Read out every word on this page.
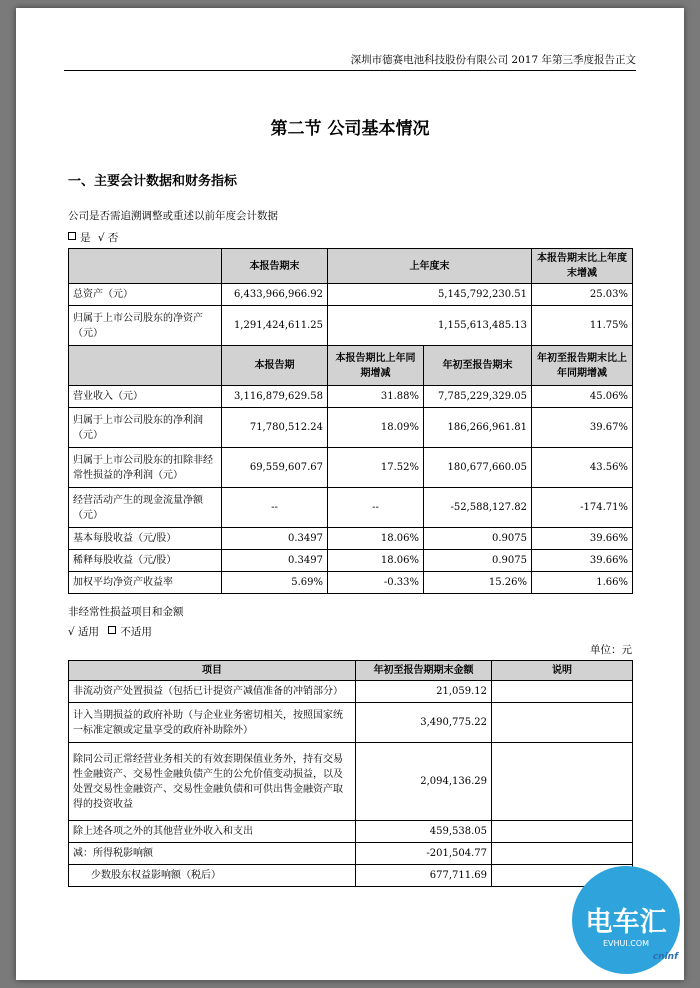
深圳市德赛电池科技股份有限公司 2017 年第三季度报告正文
第二节 公司基本情况
一、主要会计数据和财务指标
公司是否需追溯调整或重述以前年度会计数据
是 √ 否
	本报告期末	上年度末		本报告期末比上年度末增减
总资产（元）	6,433,966,966.92	5,145,792,230.51		25.03%
归属于上市公司股东的净资产（元）	1,291,424,611.25	1,155,613,485.13		11.75%
	本报告期	本报告期比上年同期增减	年初至报告期末	年初至报告期末比上年同期增减
营业收入（元）	3,116,879,629.58	31.88%	7,785,229,329.05	45.06%
归属于上市公司股东的净利润（元）	71,780,512.24	18.09%	186,266,961.81	39.67%
归属于上市公司股东的扣除非经常性损益的净利润（元）	69,559,607.67	17.52%	180,677,660.05	43.56%
经营活动产生的现金流量净额（元）	--	--	-52,588,127.82	-174.71%
基本每股收益（元/股）	0.3497	18.06%	0.9075	39.66%
稀释每股收益（元/股）	0.3497	18.06%	0.9075	39.66%
加权平均净资产收益率	5.69%	-0.33%	15.26%	1.66%
非经常性损益项目和金额
√ 适用 不适用
单位：元
项目	年初至报告期期末金额	说明
非流动资产处置损益（包括已计提资产减值准备的冲销部分）	21,059.12	
计入当期损益的政府补助（与企业业务密切相关，按照国家统一标准定额或定量享受的政府补助除外）	3,490,775.22	
除同公司正常经营业务相关的有效套期保值业务外，持有交易性金融资产、交易性金融负债产生的公允价值变动损益，以及处置交易性金融资产、交易性金融负债和可供出售金融资产取得的投资收益	2,094,136.29	
除上述各项之外的其他营业外收入和支出	459,538.05	
减：所得税影响额	-201,504.77	
少数股东权益影响额（税后）	677,711.69	
电车汇
EVHUI.COM
cninf
